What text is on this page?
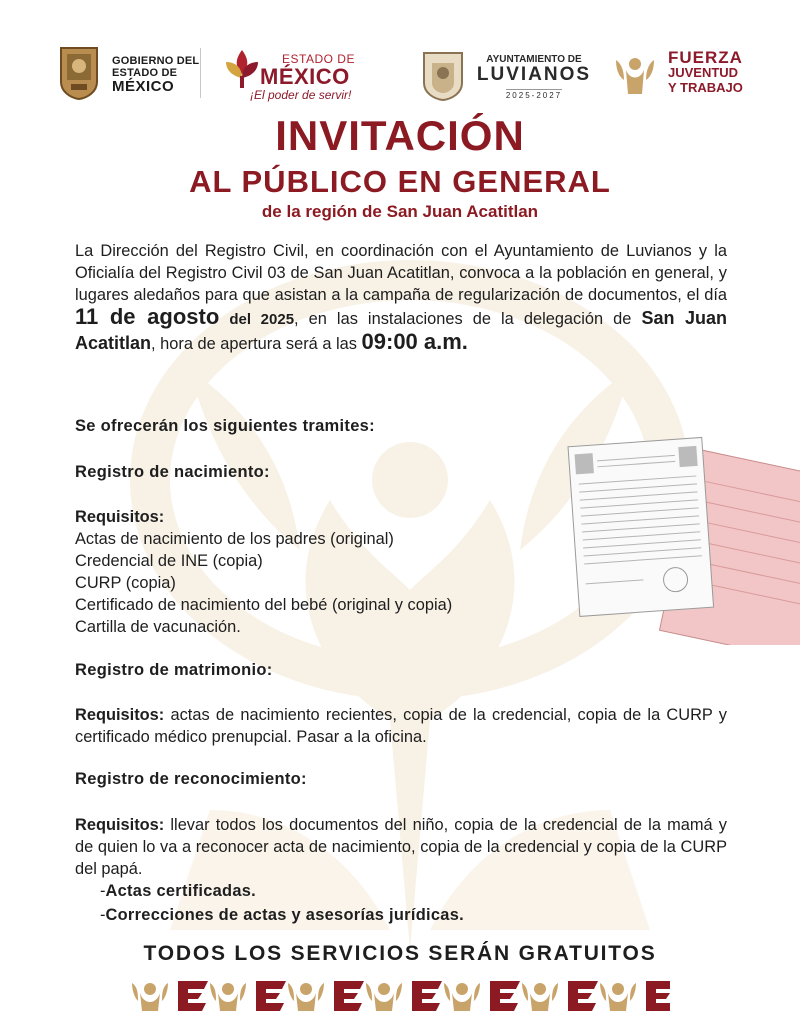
GOBIERNO DEL
ESTADO DE
MÉXICO
ESTADO DE
MÉXICO
¡El poder de servir!
AYUNTAMIENTO DE
LUVIANOS
2025-2027
FUERZA
JUVENTUD
Y TRABAJO
INVITACIÓN
AL PÚBLICO EN GENERAL
de la región de San Juan Acatitlan
La Dirección del Registro Civil, en coordinación con el Ayuntamiento de Luvianos y la Oficialía del Registro Civil 03 de San Juan Acatitlan, convoca a la población en general, y lugares aledaños para que asistan a la campaña de regularización de documentos, el día 11 de agosto del 2025, en las instalaciones de la delegación de San Juan Acatitlan, hora de apertura será a las 09:00 a.m.
Se ofrecerán los siguientes tramites:
Registro de nacimiento:
Requisitos:
Actas de nacimiento de los padres (original)
Credencial de INE (copia)
CURP (copia)
Certificado de nacimiento del bebé (original y copia)
Cartilla de vacunación.
Registro de matrimonio:
Requisitos: actas de nacimiento recientes, copia de la credencial, copia de la CURP y certificado médico prenupcial. Pasar a la oficina.
Registro de reconocimiento:
Requisitos: llevar todos los documentos del niño, copia de la credencial de la mamá y de quien lo va a reconocer acta de nacimiento, copia de la credencial y copia de la CURP del papá.
-Actas certificadas.
-Correcciones de actas y asesorías jurídicas.
TODOS LOS SERVICIOS SERÁN GRATUITOS
